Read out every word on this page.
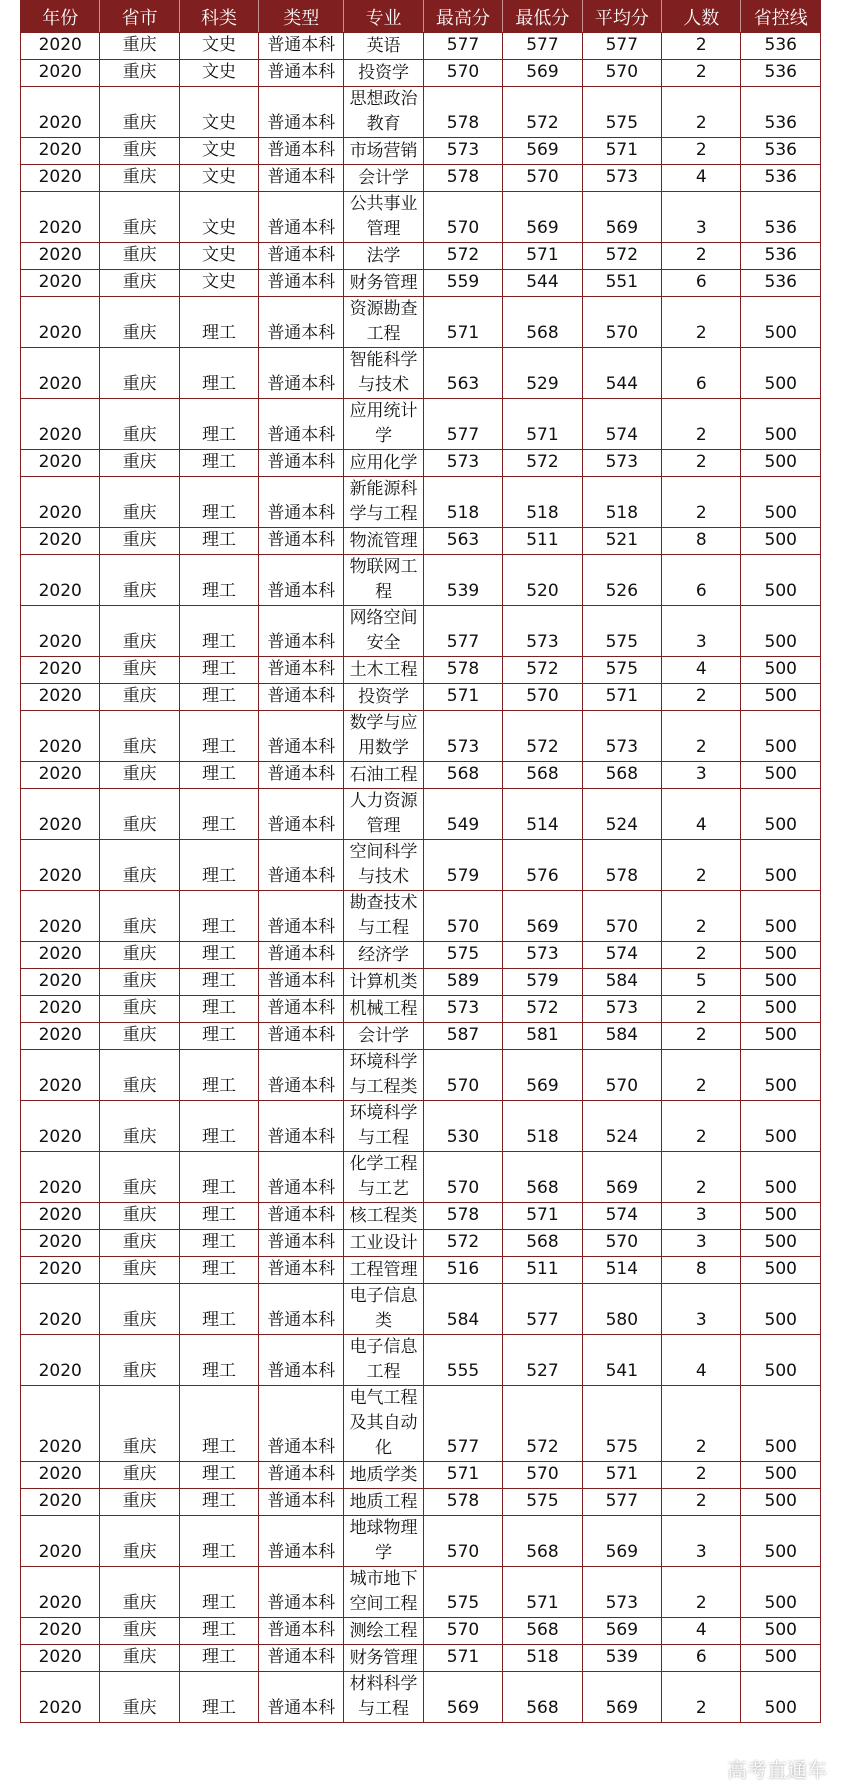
年份	省市	科类	类型	专业	最高分	最低分	平均分	人数	省控线
2020	重庆	文史	普通本科	英语	577	577	577	2	536
2020	重庆	文史	普通本科	投资学	570	569	570	2	536
2020	重庆	文史	普通本科	思想政治教育	578	572	575	2	536
2020	重庆	文史	普通本科	市场营销	573	569	571	2	536
2020	重庆	文史	普通本科	会计学	578	570	573	4	536
2020	重庆	文史	普通本科	公共事业管理	570	569	569	3	536
2020	重庆	文史	普通本科	法学	572	571	572	2	536
2020	重庆	文史	普通本科	财务管理	559	544	551	6	536
2020	重庆	理工	普通本科	资源勘查工程	571	568	570	2	500
2020	重庆	理工	普通本科	智能科学与技术	563	529	544	6	500
2020	重庆	理工	普通本科	应用统计学	577	571	574	2	500
2020	重庆	理工	普通本科	应用化学	573	572	573	2	500
2020	重庆	理工	普通本科	新能源科学与工程	518	518	518	2	500
2020	重庆	理工	普通本科	物流管理	563	511	521	8	500
2020	重庆	理工	普通本科	物联网工程	539	520	526	6	500
2020	重庆	理工	普通本科	网络空间安全	577	573	575	3	500
2020	重庆	理工	普通本科	土木工程	578	572	575	4	500
2020	重庆	理工	普通本科	投资学	571	570	571	2	500
2020	重庆	理工	普通本科	数学与应用数学	573	572	573	2	500
2020	重庆	理工	普通本科	石油工程	568	568	568	3	500
2020	重庆	理工	普通本科	人力资源管理	549	514	524	4	500
2020	重庆	理工	普通本科	空间科学与技术	579	576	578	2	500
2020	重庆	理工	普通本科	勘查技术与工程	570	569	570	2	500
2020	重庆	理工	普通本科	经济学	575	573	574	2	500
2020	重庆	理工	普通本科	计算机类	589	579	584	5	500
2020	重庆	理工	普通本科	机械工程	573	572	573	2	500
2020	重庆	理工	普通本科	会计学	587	581	584	2	500
2020	重庆	理工	普通本科	环境科学与工程类	570	569	570	2	500
2020	重庆	理工	普通本科	环境科学与工程	530	518	524	2	500
2020	重庆	理工	普通本科	化学工程与工艺	570	568	569	2	500
2020	重庆	理工	普通本科	核工程类	578	571	574	3	500
2020	重庆	理工	普通本科	工业设计	572	568	570	3	500
2020	重庆	理工	普通本科	工程管理	516	511	514	8	500
2020	重庆	理工	普通本科	电子信息类	584	577	580	3	500
2020	重庆	理工	普通本科	电子信息工程	555	527	541	4	500
2020	重庆	理工	普通本科	电气工程及其自动化	577	572	575	2	500
2020	重庆	理工	普通本科	地质学类	571	570	571	2	500
2020	重庆	理工	普通本科	地质工程	578	575	577	2	500
2020	重庆	理工	普通本科	地球物理学	570	568	569	3	500
2020	重庆	理工	普通本科	城市地下空间工程	575	571	573	2	500
2020	重庆	理工	普通本科	测绘工程	570	568	569	4	500
2020	重庆	理工	普通本科	财务管理	571	518	539	6	500
2020	重庆	理工	普通本科	材料科学与工程	569	568	569	2	500
高考直通车
